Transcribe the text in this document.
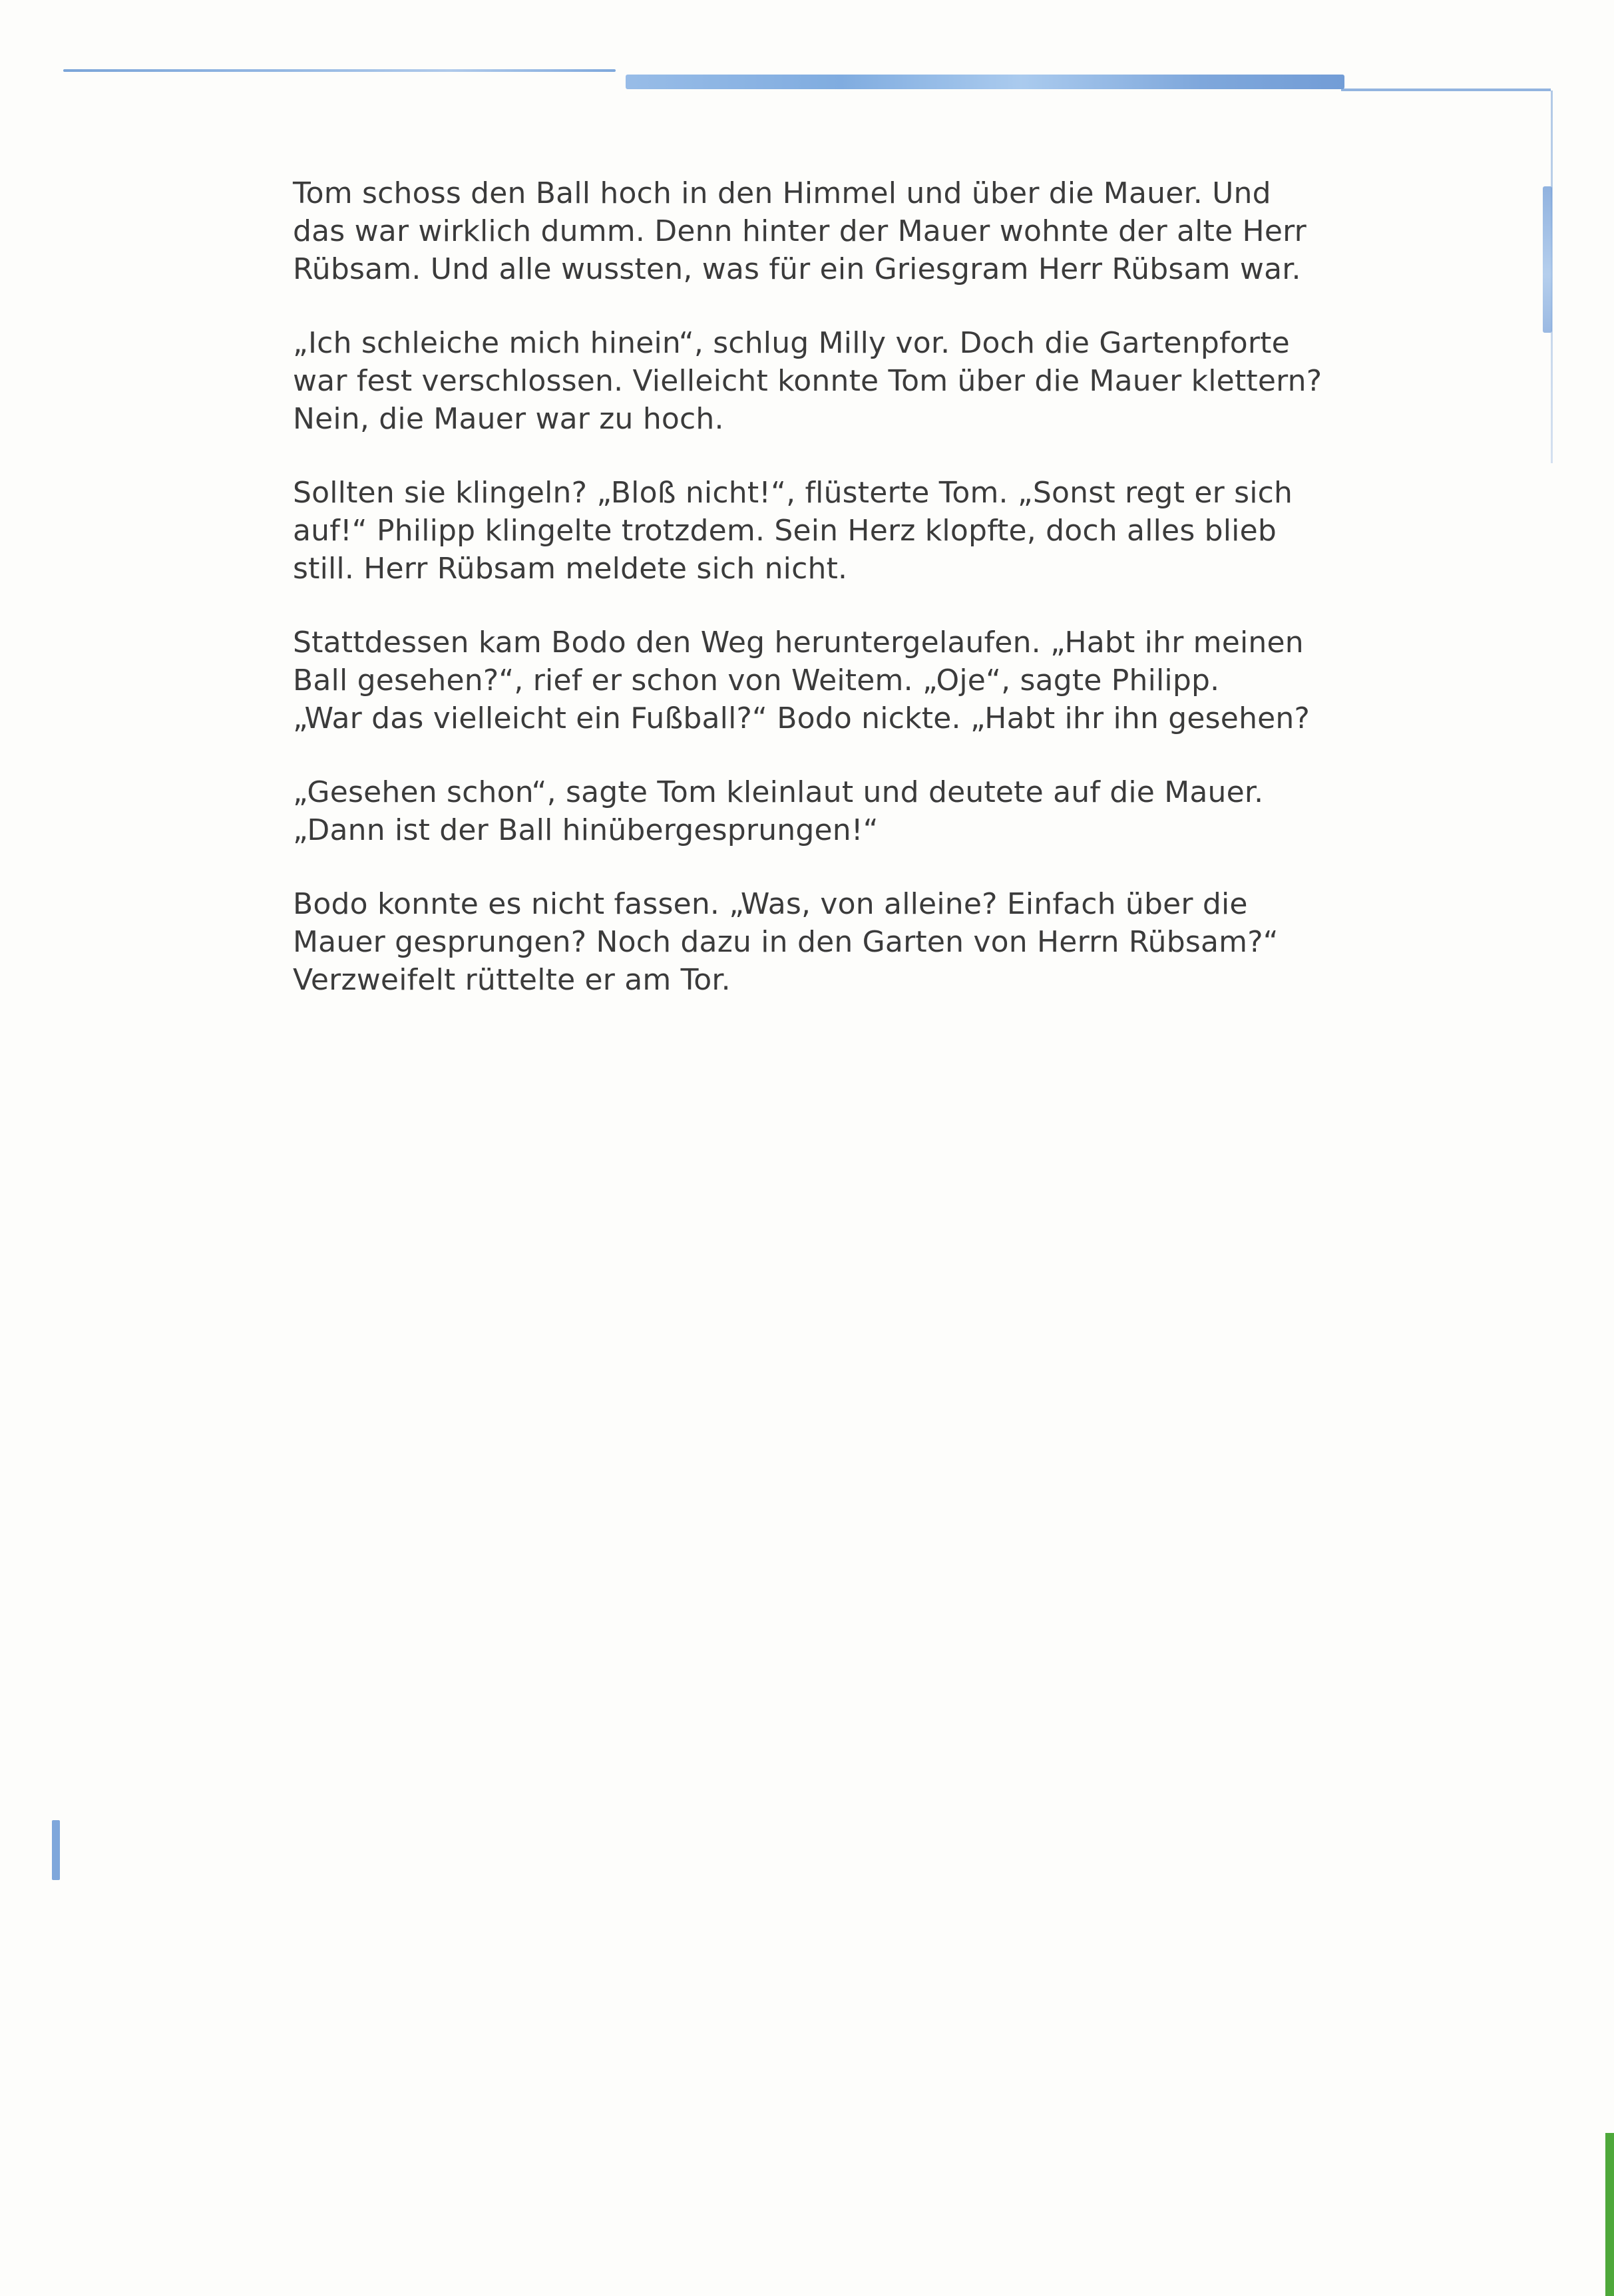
Tom schoss den Ball hoch in den Himmel und über die Mauer. Und
das war wirklich dumm. Denn hinter der Mauer wohnte der alte Herr
Rübsam. Und alle wussten, was für ein Griesgram Herr Rübsam war.

„Ich schleiche mich hinein“, schlug Milly vor. Doch die Gartenpforte
war fest verschlossen. Vielleicht konnte Tom über die Mauer klettern?
Nein, die Mauer war zu hoch.

Sollten sie klingeln? „Bloß nicht!“, flüsterte Tom. „Sonst regt er sich
auf!“ Philipp klingelte trotzdem. Sein Herz klopfte, doch alles blieb
still. Herr Rübsam meldete sich nicht.

Stattdessen kam Bodo den Weg heruntergelaufen. „Habt ihr meinen
Ball gesehen?“, rief er schon von Weitem. „Oje“, sagte Philipp.
„War das vielleicht ein Fußball?“ Bodo nickte. „Habt ihr ihn gesehen?

„Gesehen schon“, sagte Tom kleinlaut und deutete auf die Mauer.
„Dann ist der Ball hinübergesprungen!“

Bodo konnte es nicht fassen. „Was, von alleine? Einfach über die
Mauer gesprungen? Noch dazu in den Garten von Herrn Rübsam?“
Verzweifelt rüttelte er am Tor.
